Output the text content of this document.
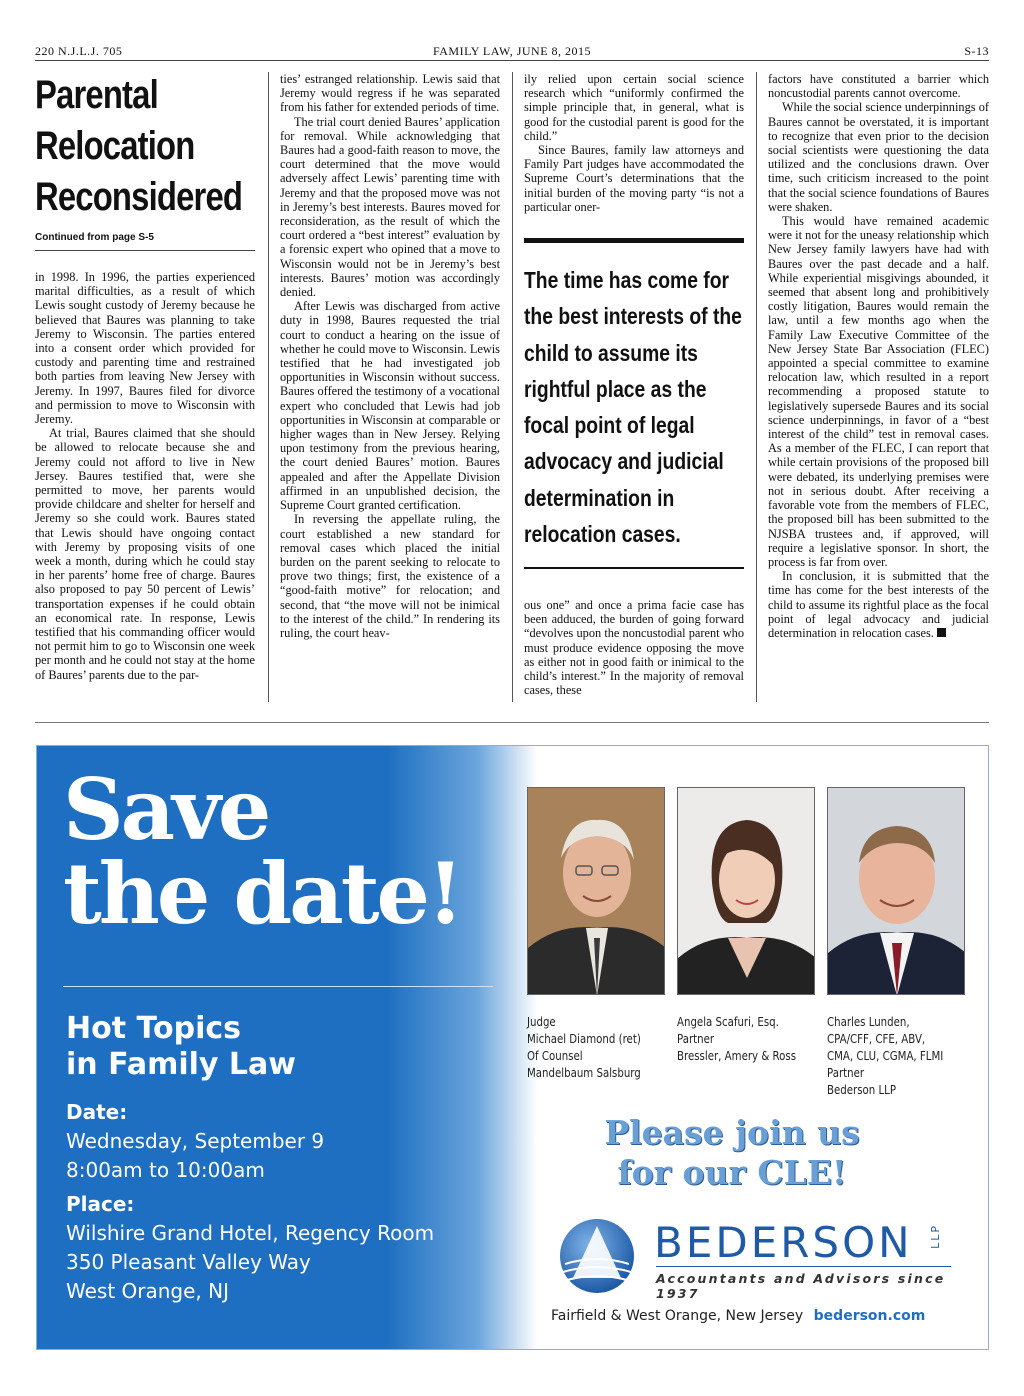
220 N.J.L.J. 705	FAMILY LAW, JUNE 8, 2015	S-13
Parental
Relocation
Reconsidered
Continued from page S-5

in 1998. In 1996, the parties experienced marital difficulties, as a result of which Lewis sought custody of Jeremy because he believed that Baures was planning to take Jeremy to Wisconsin. The parties entered into a consent order which provided for custody and parenting time and restrained both parties from leaving New Jersey with Jeremy. In 1997, Baures filed for divorce and permission to move to Wisconsin with Jeremy.

At trial, Baures claimed that she should be allowed to relocate because she and Jeremy could not afford to live in New Jersey. Baures testified that, were she permitted to move, her parents would provide childcare and shelter for herself and Jeremy so she could work. Baures stated that Lewis should have ongoing contact with Jeremy by proposing visits of one week a month, during which he could stay in her parents’ home free of charge. Baures also proposed to pay 50 percent of Lewis’ transportation expenses if he could obtain an economical rate. In response, Lewis testified that his commanding officer would not permit him to go to Wisconsin one week per month and he could not stay at the home of Baures’ parents due to the par-

ties’ estranged relationship. Lewis said that Jeremy would regress if he was separated from his father for extended periods of time.

The trial court denied Baures’ application for removal. While acknowledging that Baures had a good-faith reason to move, the court determined that the move would adversely affect Lewis’ parenting time with Jeremy and that the proposed move was not in Jeremy’s best interests. Baures moved for reconsideration, as the result of which the court ordered a “best interest” evaluation by a forensic expert who opined that a move to Wisconsin would not be in Jeremy’s best interests. Baures’ motion was accordingly denied.

After Lewis was discharged from active duty in 1998, Baures requested the trial court to conduct a hearing on the issue of whether he could move to Wisconsin. Lewis testified that he had investigated job opportunities in Wisconsin without success. Baures offered the testimony of a vocational expert who concluded that Lewis had job opportunities in Wisconsin at comparable or higher wages than in New Jersey. Relying upon testimony from the previous hearing, the court denied Baures’ motion. Baures appealed and after the Appellate Division affirmed in an unpublished decision, the Supreme Court granted certification.

In reversing the appellate ruling, the court established a new standard for removal cases which placed the initial burden on the parent seeking to relocate to prove two things; first, the existence of a “good-faith motive” for relocation; and second, that “the move will not be inimical to the interest of the child.” In rendering its ruling, the court heav-

ily relied upon certain social science research which “uniformly confirmed the simple principle that, in general, what is good for the custodial parent is good for the child.”

Since Baures, family law attorneys and Family Part judges have accommodated the Supreme Court’s determinations that the initial burden of the moving party “is not a particular oner-

The time has come for the best interests of the child to assume its rightful place as the focal point of legal advocacy and judicial determination in relocation cases.

ous one” and once a prima facie case has been adduced, the burden of going forward “devolves upon the noncustodial parent who must produce evidence opposing the move as either not in good faith or inimical to the child’s interest.” In the majority of removal cases, these

factors have constituted a barrier which noncustodial parents cannot overcome.

While the social science underpinnings of Baures cannot be overstated, it is important to recognize that even prior to the decision social scientists were questioning the data utilized and the conclusions drawn. Over time, such criticism increased to the point that the social science foundations of Baures were shaken.

This would have remained academic were it not for the uneasy relationship which New Jersey family lawyers have had with Baures over the past decade and a half. While experiential misgivings abounded, it seemed that absent long and prohibitively costly litigation, Baures would remain the law, until a few months ago when the Family Law Executive Committee of the New Jersey State Bar Association (FLEC) appointed a special committee to examine relocation law, which resulted in a report recommending a proposed statute to legislatively supersede Baures and its social science underpinnings, in favor of a “best interest of the child” test in removal cases. As a member of the FLEC, I can report that while certain provisions of the proposed bill were debated, its underlying premises were not in serious doubt. After receiving a favorable vote from the members of FLEC, the proposed bill has been submitted to the NJSBA trustees and, if approved, will require a legislative sponsor. In short, the process is far from over.

In conclusion, it is submitted that the time has come for the best interests of the child to assume its rightful place as the focal point of legal advocacy and judicial determination in relocation cases.

Save
the date!
Hot Topics
in Family Law
Date:
Wednesday, September 9
8:00am to 10:00am
Place:
Wilshire Grand Hotel, Regency Room
350 Pleasant Valley Way
West Orange, NJ
Judge
Michael Diamond (ret)
Of Counsel
Mandelbaum Salsburg
Angela Scafuri, Esq.
Partner
Bressler, Amery & Ross
Charles Lunden,
CPA/CFF, CFE, ABV,
CMA, CLU, CGMA, FLMI
Partner
Bederson LLP
Please join us
for our CLE!
BEDERSON LLP
Accountants and Advisors since 1937
Fairfield & West Orange, New Jersey bederson.com
